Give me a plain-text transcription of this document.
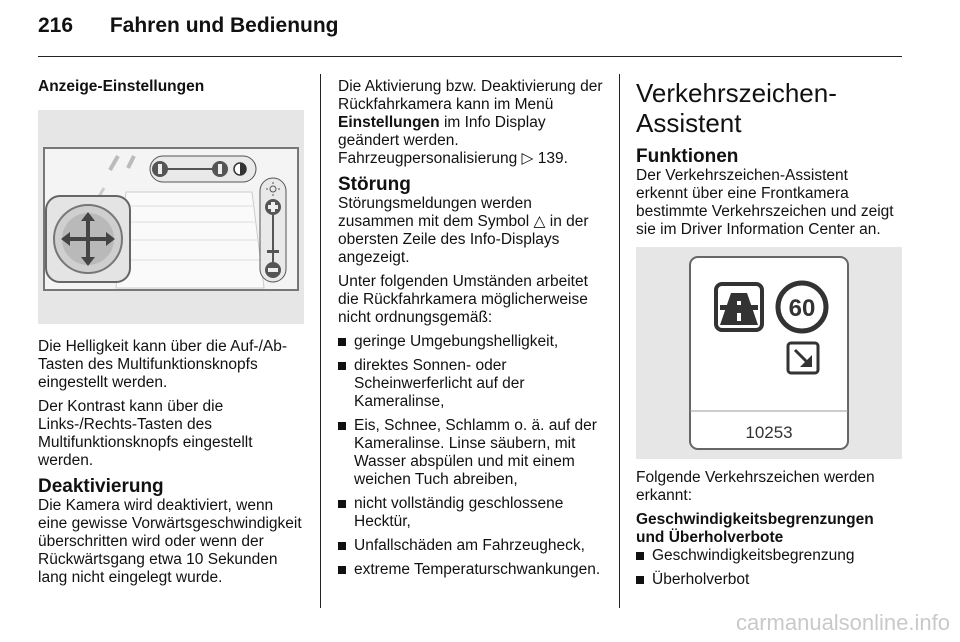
216 Fahren und Bedienung
Anzeige-Einstellungen

Die Helligkeit kann über die Auf-/Ab-Tasten des Multifunktionsknopfs eingestellt werden.

Der Kontrast kann über die Links-/Rechts-Tasten des Multifunktionsknopfs eingestellt werden.

Deaktivierung

Die Kamera wird deaktiviert, wenn eine gewisse Vorwärtsgeschwindigkeit überschritten wird oder wenn der Rückwärtsgang etwa 10 Sekunden lang nicht eingelegt wurde.

Die Aktivierung bzw. Deaktivierung der Rückfahrkamera kann im Menü Einstellungen im Info Display geändert werden. Fahrzeugpersonalisierung ▷ 139.

Störung

Störungsmeldungen werden zusammen mit dem Symbol △ in der obersten Zeile des Info-Displays angezeigt.

Unter folgenden Umständen arbeitet die Rückfahrkamera möglicherweise nicht ordnungsgemäß:

geringe Umgebungshelligkeit,
direktes Sonnen- oder Scheinwerferlicht auf der Kameralinse,
Eis, Schnee, Schlamm o. ä. auf der Kameralinse. Linse säubern, mit Wasser abspülen und mit einem weichen Tuch abreiben,
nicht vollständig geschlossene Hecktür,
Unfallschäden am Fahrzeugheck,
extreme Temperaturschwankungen.
Verkehrszeichen-Assistent
Funktionen

Der Verkehrszeichen-Assistent erkennt über eine Frontkamera bestimmte Verkehrszeichen und zeigt sie im Driver Information Center an.

60
10253

Folgende Verkehrszeichen werden erkannt:

Geschwindigkeitsbegrenzungen und Überholverbote
Geschwindigkeitsbegrenzung
Überholverbot
carmanualsonline.info
